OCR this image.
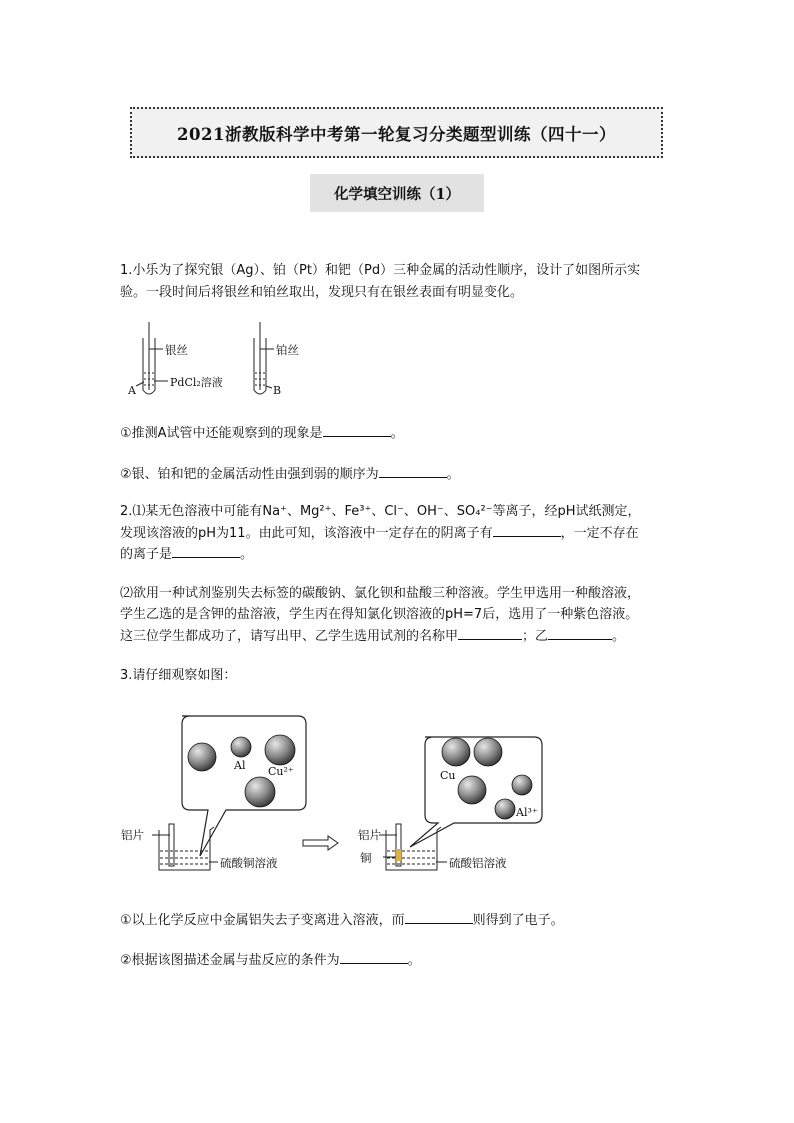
2021浙教版科学中考第一轮复习分类题型训练（四十一）
化学填空训练（1）
1.小乐为了探究银（Ag）、铂（Pt）和钯（Pd）三种金属的活动性顺序，设计了如图所示实
验。一段时间后将银丝和铂丝取出，发现只有在银丝表面有明显变化。
银丝
PdCl₂溶液
A
铂丝
B
①推测A试管中还能观察到的现象是	。
②银、铂和钯的金属活动性由强到弱的顺序为	。
2.⑴某无色溶液中可能有Na⁺、Mg²⁺、Fe³⁺、Cl⁻、OH⁻、SO₄²⁻等离子，经pH试纸测定，
发现该溶液的pH为11。由此可知，该溶液中一定存在的阴离子有	，一定不存在
的离子是	。
⑵欲用一种试剂鉴别失去标签的碳酸钠、氯化钡和盐酸三种溶液。学生甲选用一种酸溶液，
学生乙选的是含钾的盐溶液，学生丙在得知氯化钡溶液的pH=7后，选用了一种紫色溶液。
这三位学生都成功了，请写出甲、乙学生选用试剂的名称甲	；乙	。
3.请仔细观察如图：
Al Cu²⁺
铝片
硫酸铜溶液
Cu
Al³⁺
铝片
铜	硫酸铝溶液
①以上化学反应中金属铝失去子变离进入溶液，而	则得到了电子。
②根据该图描述金属与盐反应的条件为	。
